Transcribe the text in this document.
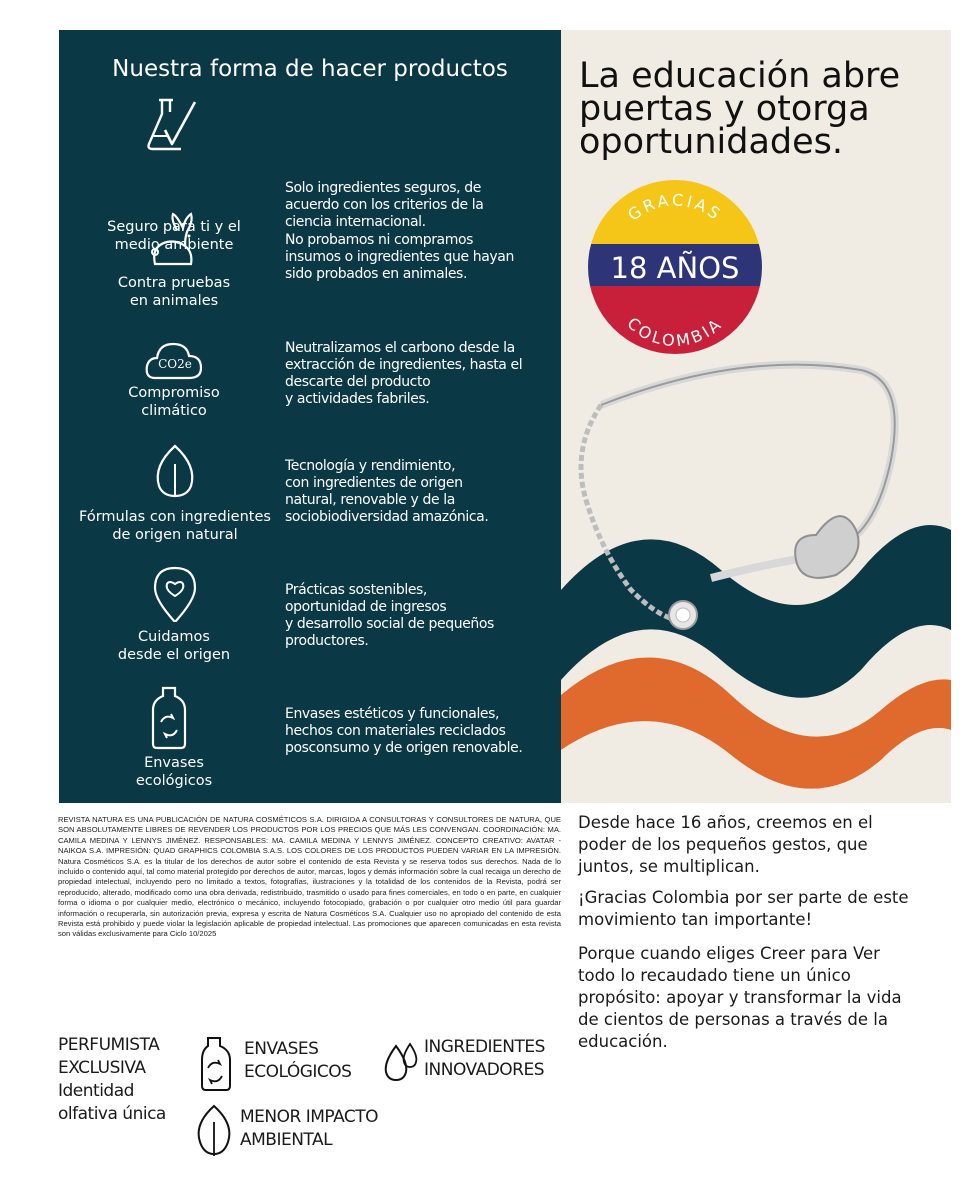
Nuestra forma de hacer productos
Seguro para ti y el
medio ambiente
Solo ingredientes seguros, de
acuerdo con los criterios de la
ciencia internacional.
Contra pruebas
en animales
No probamos ni compramos
insumos o ingredientes que hayan
sido probados en animales.
CO2e
Compromiso
climático
Neutralizamos el carbono desde la
extracción de ingredientes, hasta el
descarte del producto
y actividades fabriles.
Fórmulas con ingredientes
de origen natural
Tecnología y rendimiento,
con ingredientes de origen
natural, renovable y de la
sociobiodiversidad amazónica.
Cuidamos
desde el origen
Prácticas sostenibles,
oportunidad de ingresos
y desarrollo social de pequeños
productores.
Envases
ecológicos
Envases estéticos y funcionales,
hechos con materiales reciclados
posconsumo y de origen renovable.
La educación abre
puertas y otorga
oportunidades.
GRACIAS
18 AÑOS
COLOMBIA
REVISTA NATURA ES UNA PUBLICACIÓN DE NATURA COSMÉTICOS S.A. DIRIGIDA A CONSULTORAS Y CONSULTORES DE NATURA, QUE SON ABSOLUTAMENTE LIBRES DE REVENDER LOS PRODUCTOS POR LOS PRECIOS QUE MÁS LES CONVENGAN. COORDINACIÓN: MA. CAMILA MEDINA Y LENNYS JIMÉNEZ. RESPONSABLES: MA. CAMILA MEDINA Y LENNYS JIMÉNEZ. CONCEPTO CREATIVO: AVATAR - NAIKOA S.A. IMPRESIÓN: QUAD GRAPHICS COLOMBIA S.A.S. LOS COLORES DE LOS PRODUCTOS PUEDEN VARIAR EN LA IMPRESIÓN. Natura Cosméticos S.A. es la titular de los derechos de autor sobre el contenido de esta Revista y se reserva todos sus derechos. Nada de lo incluido o contenido aquí, tal como material protegido por derechos de autor, marcas, logos y demás información sobre la cual recaiga un derecho de propiedad intelectual, incluyendo pero no limitado a textos, fotografías, ilustraciones y la totalidad de los contenidos de la Revista, podrá ser reproducido, alterado, modificado como una obra derivada, redistribuido, trasmitido o usado para fines comerciales, en todo o en parte, en cualquier forma o idioma o por cualquier medio, electrónico o mecánico, incluyendo fotocopiado, grabación o por cualquier otro medio útil para guardar información o recuperarla, sin autorización previa, expresa y escrita de Natura Cosméticos S.A. Cualquier uso no apropiado del contenido de esta Revista está prohibido y puede violar la legislación aplicable de propiedad intelectual. Las promociones que aparecen comunicadas en esta revista son válidas exclusivamente para Ciclo 10/2025
Desde hace 16 años, creemos en el
poder de los pequeños gestos, que
juntos, se multiplican.
¡Gracias Colombia por ser parte de este
movimiento tan importante!
Porque cuando eliges Creer para Ver
todo lo recaudado tiene un único
propósito: apoyar y transformar la vida
de cientos de personas a través de la
educación.
PERFUMISTA
EXCLUSIVA
Identidad
olfativa única
ENVASES
ECOLÓGICOS
INGREDIENTES
INNOVADORES
MENOR IMPACTO
AMBIENTAL
